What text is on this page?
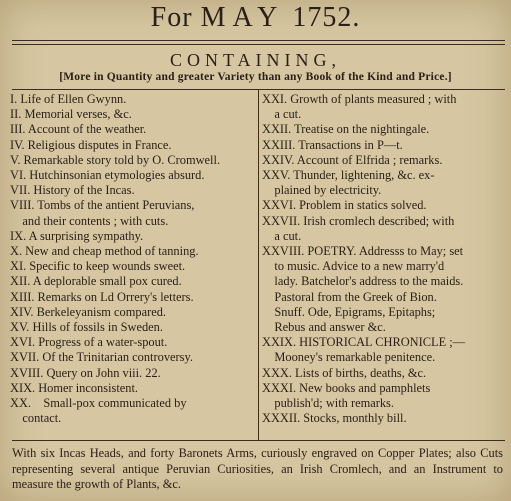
For MAY 1752.
CONTAINING,
[More in Quantity and greater Variety than any Book of the Kind and Price.]
I. Life of Ellen Gwynn.
II. Memorial verses, &c.
III. Account of the weather.
IV. Religious disputes in France.
V. Remarkable story told by O. Cromwell.
VI. Hutchinsonian etymologies absurd.
VII. History of the Incas.
VIII. Tombs of the antient Peruvians,
and their contents ; with cuts.
IX. A surprising sympathy.
X. New and cheap method of tanning.
XI. Specific to keep wounds sweet.
XII. A deplorable small pox cured.
XIII. Remarks on Ld Orrery's letters.
XIV. Berkeleyanism compared.
XV. Hills of fossils in Sweden.
XVI. Progress of a water-spout.
XVII. Of the Trinitarian controversy.
XVIII. Query on John viii. 22.
XIX. Homer inconsistent.
XX.    Small-pox communicated by
contact.
XXI. Growth of plants measured ; with
a cut.
XXII. Treatise on the nightingale.
XXIII. Transactions in P—t.
XXIV. Account of Elfrida ; remarks.
XXV. Thunder, lightening, &c. ex-
plained by electricity.
XXVI. Problem in statics solved.
XXVII. Irish cromlech described; with
a cut.
XXVIII. POETRY. Addresss to May; set
to music. Advice to a new marry'd
lady. Batchelor's address to the maids.
Pastoral from the Greek of Bion.
Snuff. Ode, Epigrams, Epitaphs;
Rebus and answer &c.
XXIX. HISTORICAL CHRONICLE ;—
Mooney's remarkable penitence.
XXX. Lists of births, deaths, &c.
XXXI. New books and pamphlets
publish'd; with remarks.
XXXII. Stocks, monthly bill.
With six Incas Heads, and forty Baronets Arms, curiously engraved on Copper Plates; also Cuts representing several antique Peruvian Curiosities, an Irish Cromlech, and an Instrument to measure the growth of Plants, &c.
